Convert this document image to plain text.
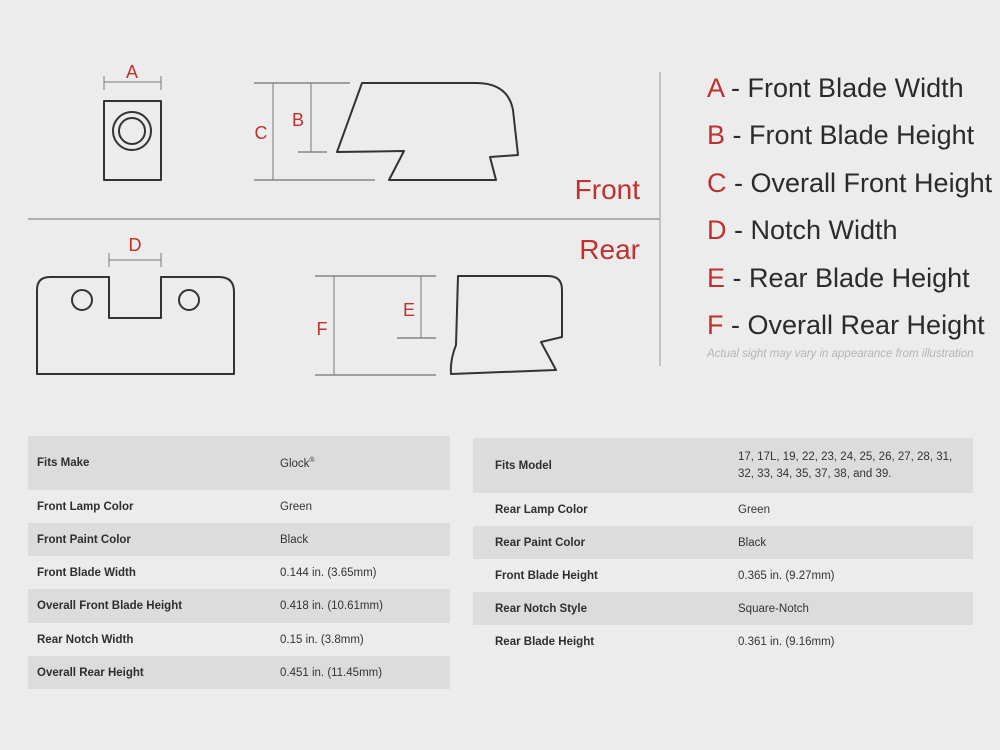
A
C
B
Front
Rear
D
F
E
A - Front Blade Width
B - Front Blade Height
C - Overall Front Height
D - Notch Width
E - Rear Blade Height
F - Overall Rear Height
Actual sight may vary in appearance from illustration
Fits Make	Glock®
Front Lamp Color	Green
Front Paint Color	Black
Front Blade Width	0.144 in. (3.65mm)
Overall Front Blade Height	0.418 in. (10.61mm)
Rear Notch Width	0.15 in. (3.8mm)
Overall Rear Height	0.451 in. (11.45mm)
Fits Model	17, 17L, 19, 22, 23, 24, 25, 26, 27, 28, 31,
32, 33, 34, 35, 37, 38, and 39.
Rear Lamp Color	Green
Rear Paint Color	Black
Front Blade Height	0.365 in. (9.27mm)
Rear Notch Style	Square-Notch
Rear Blade Height	0.361 in. (9.16mm)
